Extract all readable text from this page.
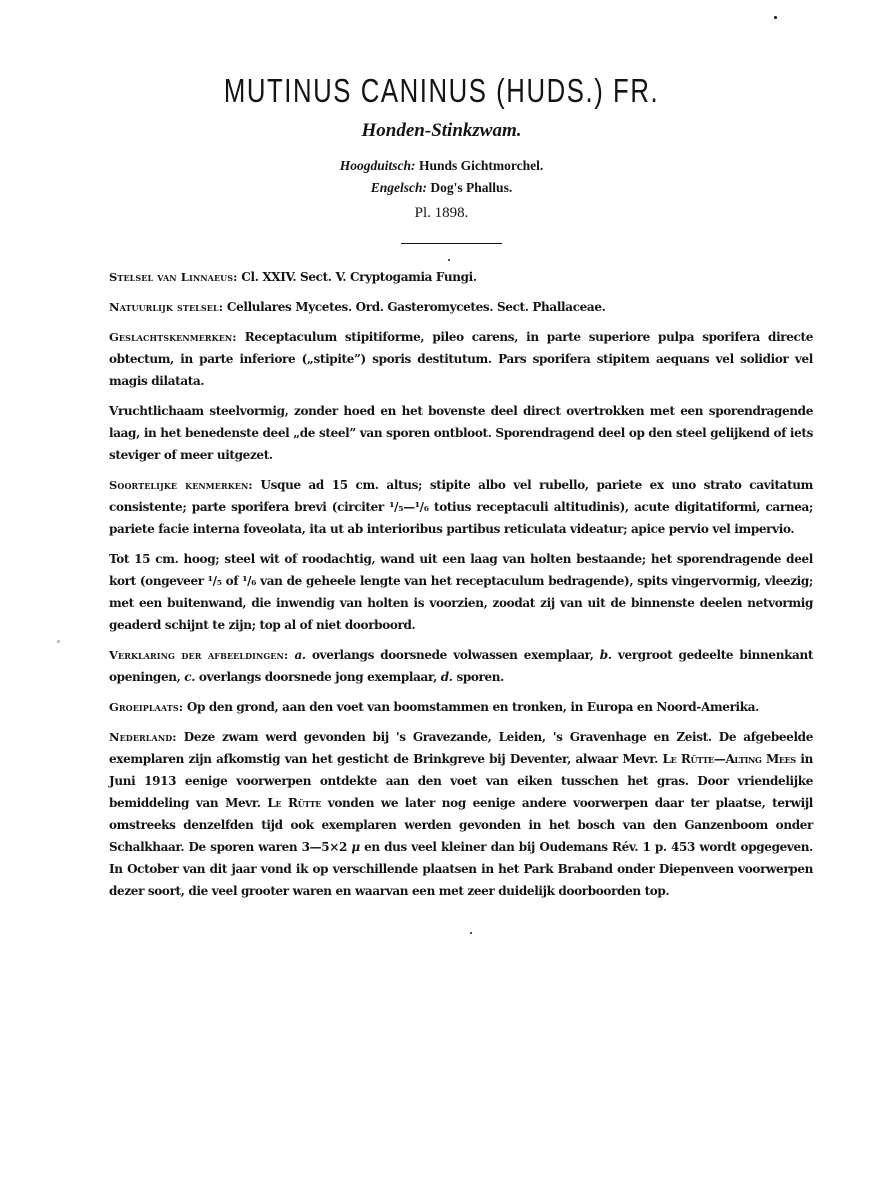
MUTINUS CANINUS (HUDS.) FR.
Honden-Stinkzwam.

Hoogduitsch: Hunds Gichtmorchel.

Engelsch: Dog's Phallus.

Pl. 1898.

Stelsel van Linnaeus: Cl. XXIV. Sect. V. Cryptogamia Fungi.

Natuurlijk stelsel: Cellulares Mycetes. Ord. Gasteromycetes. Sect. Phallaceae.

Geslachtskenmerken: Receptaculum stipitiforme, pileo carens, in parte superiore pulpa sporifera directe obtectum, in parte inferiore („stipite”) sporis destitutum. Pars sporifera stipitem aequans vel solidior vel magis dilatata.

Vruchtlichaam steelvormig, zonder hoed en het bovenste deel direct overtrokken met een sporendragende laag, in het benedenste deel „de steel” van sporen ontbloot. Sporendragend deel op den steel gelijkend of iets steviger of meer uitgezet.

Soortelijke kenmerken: Usque ad 15 cm. altus; stipite albo vel rubello, pariete ex uno strato cavitatum consistente; parte sporifera brevi (circiter ¹/₅—¹/₆ totius receptaculi altitudinis), acute digitatiformi, carnea; pariete facie interna foveolata, ita ut ab interioribus partibus reticulata videatur; apice pervio vel impervio.

Tot 15 cm. hoog; steel wit of roodachtig, wand uit een laag van holten bestaande; het sporendragende deel kort (ongeveer ¹/₅ of ¹/₆ van de geheele lengte van het receptaculum bedragende), spits vingervormig, vleezig; met een buitenwand, die inwendig van holten is voorzien, zoodat zij van uit de binnenste deelen netvormig geaderd schijnt te zijn; top al of niet doorboord.

Verklaring der afbeeldingen: a. overlangs doorsnede volwassen exemplaar, b. vergroot gedeelte binnenkant openingen, c. overlangs doorsnede jong exemplaar, d. sporen.

Groeiplaats: Op den grond, aan den voet van boomstammen en tronken, in Europa en Noord-Amerika.

Nederland: Deze zwam werd gevonden bij 's Gravezande, Leiden, 's Gravenhage en Zeist. De afgebeelde exemplaren zijn afkomstig van het gesticht de Brinkgreve bij Deventer, alwaar Mevr. Le Rütte—Alting Mees in Juni 1913 eenige voorwerpen ontdekte aan den voet van eiken tusschen het gras. Door vriendelijke bemiddeling van Mevr. Le Rütte vonden we later nog eenige andere voorwerpen daar ter plaatse, terwijl omstreeks denzelfden tijd ook exemplaren werden gevonden in het bosch van den Ganzenboom onder Schalkhaar. De sporen waren 3—5×2 μ en dus veel kleiner dan bij Oudemans Rév. 1 p. 453 wordt opgegeven. In October van dit jaar vond ik op verschillende plaatsen in het Park Braband onder Diepenveen voorwerpen dezer soort, die veel grooter waren en waarvan een met zeer duidelijk doorboorden top.
